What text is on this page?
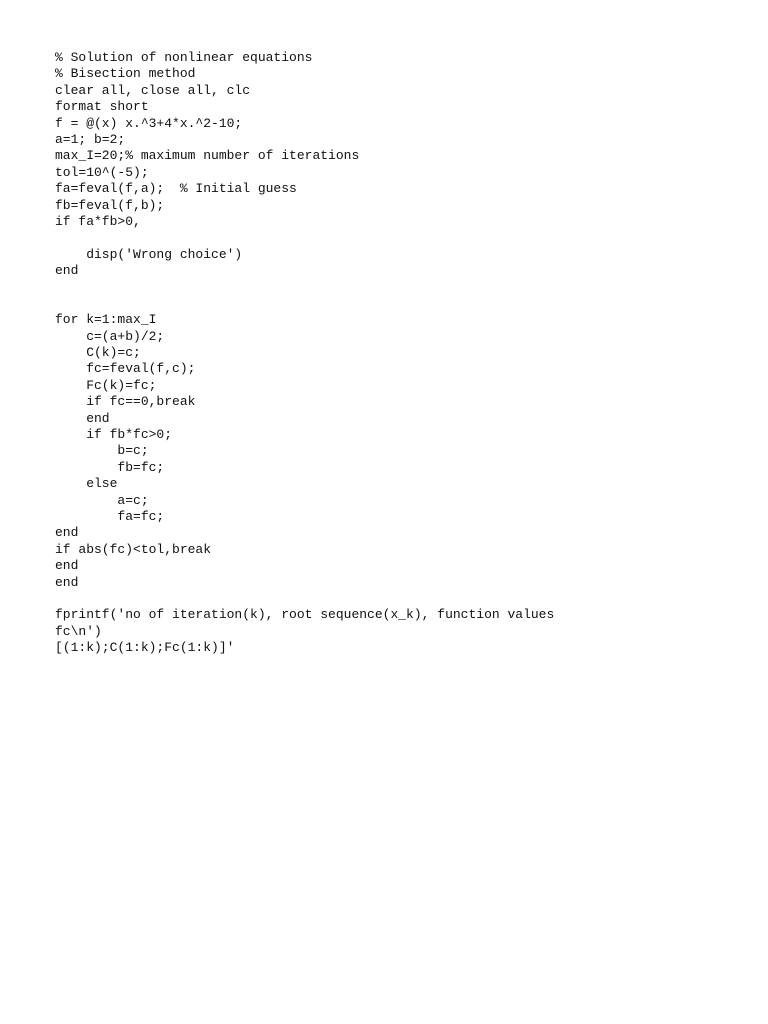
% Solution of nonlinear equations
% Bisection method
clear all, close all, clc
format short
f = @(x) x.^3+4*x.^2-10;
a=1; b=2;
max_I=20;% maximum number of iterations
tol=10^(-5);
fa=feval(f,a);  % Initial guess
fb=feval(f,b);
if fa*fb>0,
disp('Wrong choice')
end
for k=1:max_I
c=(a+b)/2;
C(k)=c;
fc=feval(f,c);
Fc(k)=fc;
if fc==0,break
end
if fb*fc>0;
b=c;
fb=fc;
else
a=c;
fa=fc;
end
if abs(fc)<tol,break
end
end
fprintf('no of iteration(k), root sequence(x_k), function values
fc\n')
[(1:k);C(1:k);Fc(1:k)]'
